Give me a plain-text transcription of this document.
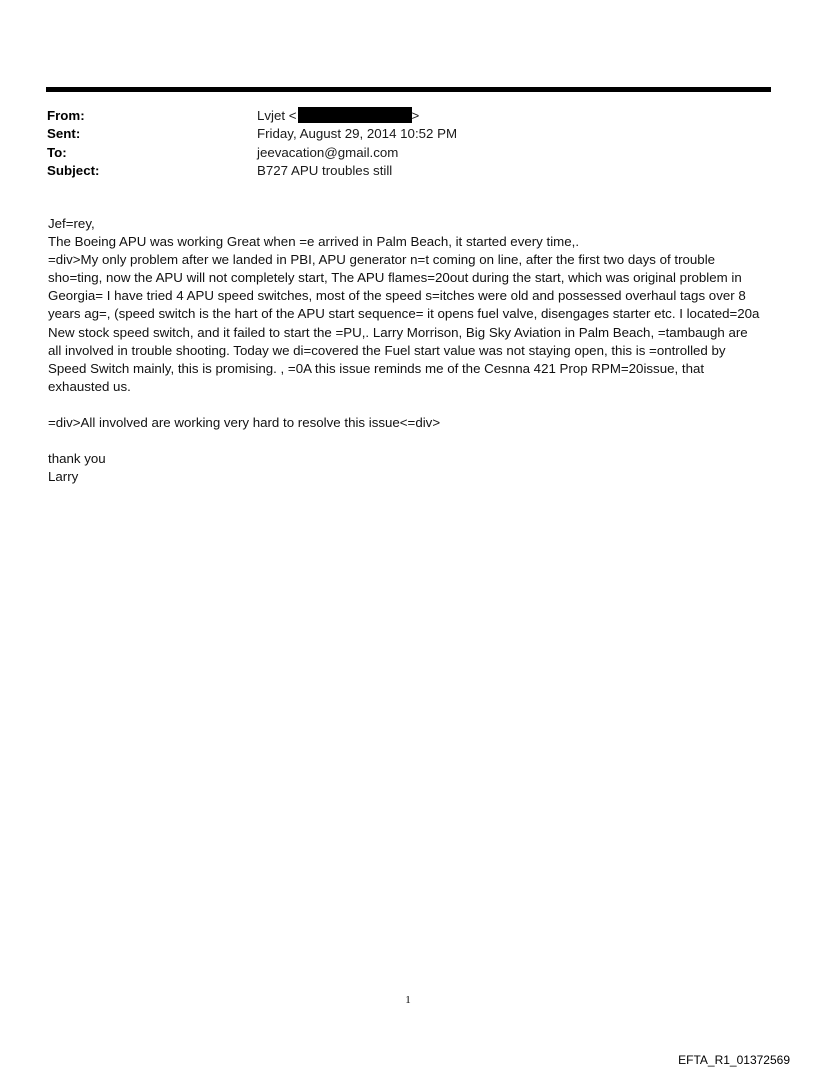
From:	Lvjet <	>
Sent:	Friday, August 29, 2014 10:52 PM
To:	jeevacation@gmail.com
Subject:	B727 APU troubles still

Jef=rey,

The Boeing APU was working Great when =e arrived in Palm Beach, it started every time,.

=div>My only problem after we landed in PBI, APU generator n=t coming on line, after the first two days of trouble

sho=ting, now the APU will not completely start, The APU flames=20out during the start, which was original problem in

Georgia= I have tried 4 APU speed switches, most of the speed s=itches were old and possessed overhaul tags over 8

years ag=, (speed switch is the hart of the APU start sequence= it opens fuel valve, disengages starter etc. I located=20a

New stock speed switch, and it failed to start the =PU,. Larry Morrison, Big Sky Aviation in Palm Beach, =tambaugh are

all involved in trouble shooting. Today we di=covered the Fuel start value was not staying open, this is =ontrolled by

Speed Switch mainly, this is promising. , =0A this issue reminds me of the Cesnna 421 Prop RPM=20issue, that

exhausted us.

=div>All involved are working very hard to resolve this issue<=div>

thank you

Larry

1
EFTA_R1_01372569
